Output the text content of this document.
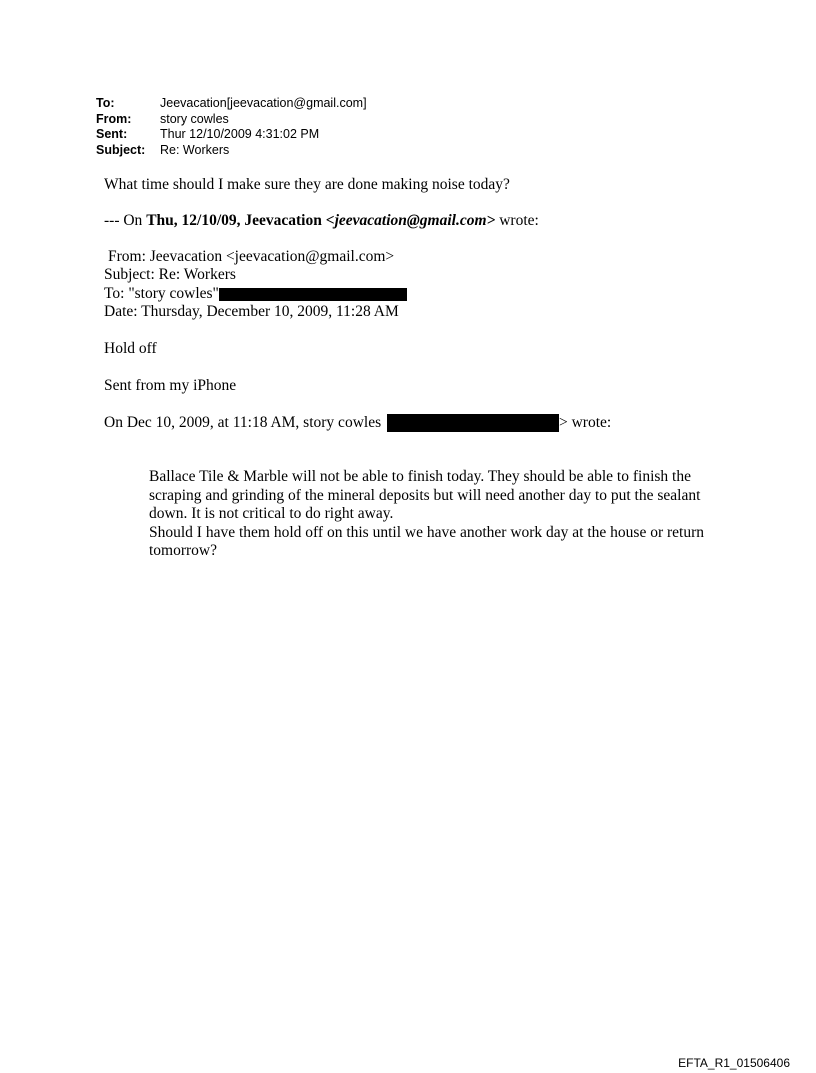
To:	Jeevacation[jeevacation@gmail.com]
From:	story cowles
Sent:	Thur 12/10/2009 4:31:02 PM
Subject:	Re: Workers
What time should I make sure they are done making noise today?
--- On Thu, 12/10/09, Jeevacation <jeevacation@gmail.com> wrote:
From: Jeevacation <jeevacation@gmail.com>
Subject: Re: Workers
To: "story cowles"
Date: Thursday, December 10, 2009, 11:28 AM
Hold off
Sent from my iPhone
On Dec 10, 2009, at 11:18 AM, story cowles	> wrote:
Ballace Tile & Marble will not be able to finish today. They should be able to finish the
scraping and grinding of the mineral deposits but will need another day to put the sealant
down. It is not critical to do right away.
Should I have them hold off on this until we have another work day at the house or return
tomorrow?
EFTA_R1_01506406
